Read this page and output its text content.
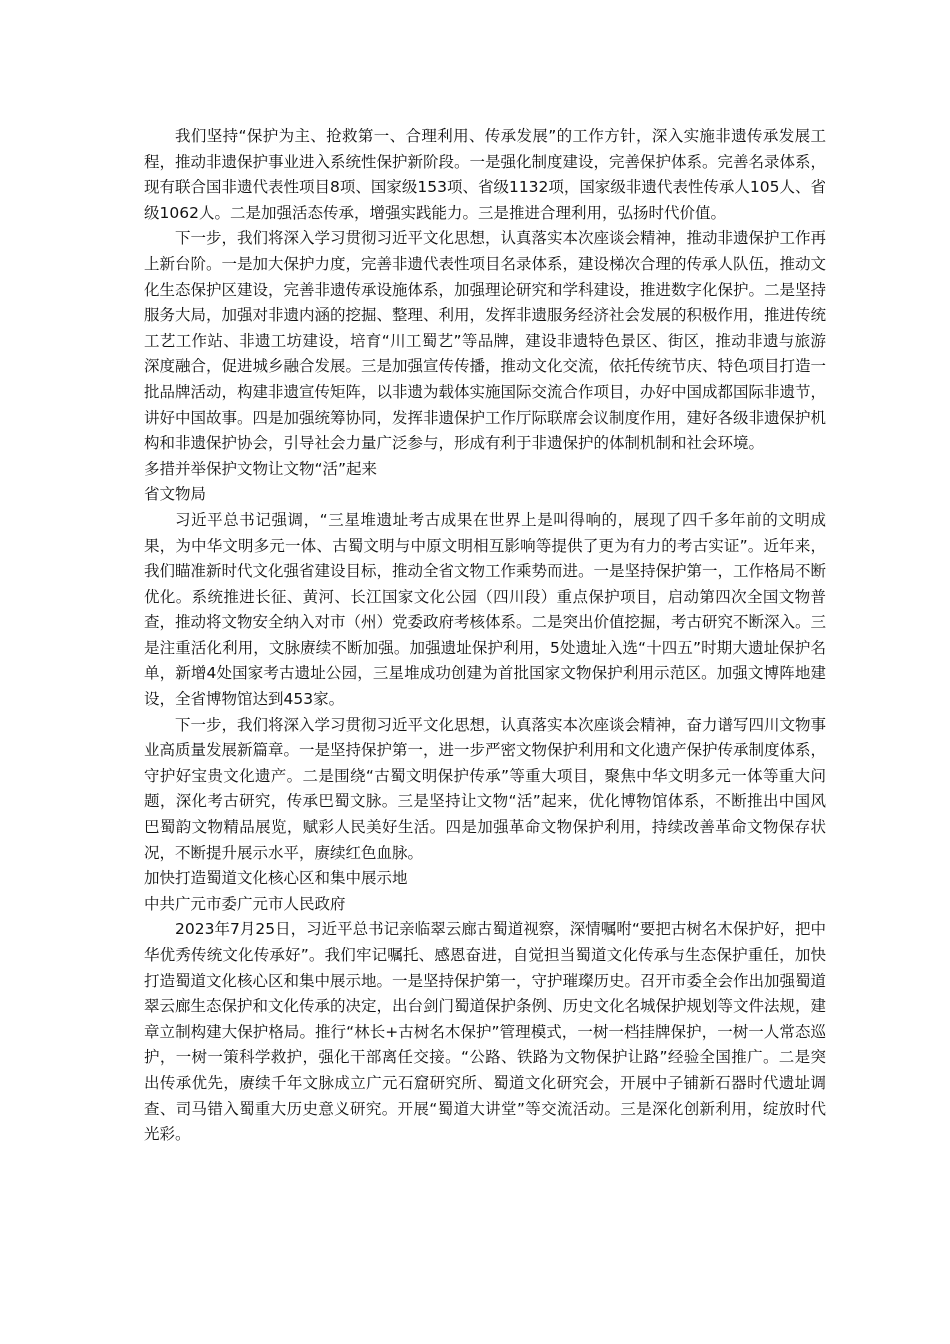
我们坚持“保护为主、抢救第一、合理利用、传承发展”的工作方针，深入实施非遗传承发展工程，推动非遗保护事业进入系统性保护新阶段。一是强化制度建设，完善保护体系。完善名录体系，现有联合国非遗代表性项目8项、国家级153项、省级1132项，国家级非遗代表性传承人105人、省级1062人。二是加强活态传承，增强实践能力。三是推进合理利用，弘扬时代价值。

下一步，我们将深入学习贯彻习近平文化思想，认真落实本次座谈会精神，推动非遗保护工作再上新台阶。一是加大保护力度，完善非遗代表性项目名录体系，建设梯次合理的传承人队伍，推动文化生态保护区建设，完善非遗传承设施体系，加强理论研究和学科建设，推进数字化保护。二是坚持服务大局，加强对非遗内涵的挖掘、整理、利用，发挥非遗服务经济社会发展的积极作用，推进传统工艺工作站、非遗工坊建设，培育“川工蜀艺”等品牌，建设非遗特色景区、街区，推动非遗与旅游深度融合，促进城乡融合发展。三是加强宣传传播，推动文化交流，依托传统节庆、特色项目打造一批品牌活动，构建非遗宣传矩阵，以非遗为载体实施国际交流合作项目，办好中国成都国际非遗节，讲好中国故事。四是加强统筹协同，发挥非遗保护工作厅际联席会议制度作用，建好各级非遗保护机构和非遗保护协会，引导社会力量广泛参与，形成有利于非遗保护的体制机制和社会环境。

多措并举保护文物让文物“活”起来

省文物局

习近平总书记强调，“三星堆遗址考古成果在世界上是叫得响的，展现了四千多年前的文明成果，为中华文明多元一体、古蜀文明与中原文明相互影响等提供了更为有力的考古实证”。近年来，我们瞄准新时代文化强省建设目标，推动全省文物工作乘势而进。一是坚持保护第一，工作格局不断优化。系统推进长征、黄河、长江国家文化公园（四川段）重点保护项目，启动第四次全国文物普查，推动将文物安全纳入对市（州）党委政府考核体系。二是突出价值挖掘，考古研究不断深入。三是注重活化利用，文脉赓续不断加强。加强遗址保护利用，5处遗址入选“十四五”时期大遗址保护名单，新增4处国家考古遗址公园，三星堆成功创建为首批国家文物保护利用示范区。加强文博阵地建设，全省博物馆达到453家。

下一步，我们将深入学习贯彻习近平文化思想，认真落实本次座谈会精神，奋力谱写四川文物事业高质量发展新篇章。一是坚持保护第一，进一步严密文物保护利用和文化遗产保护传承制度体系，守护好宝贵文化遗产。二是围绕“古蜀文明保护传承”等重大项目，聚焦中华文明多元一体等重大问题，深化考古研究，传承巴蜀文脉。三是坚持让文物“活”起来，优化博物馆体系，不断推出中国风巴蜀韵文物精品展览，赋彩人民美好生活。四是加强革命文物保护利用，持续改善革命文物保存状况，不断提升展示水平，赓续红色血脉。

加快打造蜀道文化核心区和集中展示地

中共广元市委广元市人民政府

2023年7月25日，习近平总书记亲临翠云廊古蜀道视察，深情嘱咐“要把古树名木保护好，把中华优秀传统文化传承好”。我们牢记嘱托、感恩奋进，自觉担当蜀道文化传承与生态保护重任，加快打造蜀道文化核心区和集中展示地。一是坚持保护第一，守护璀璨历史。召开市委全会作出加强蜀道翠云廊生态保护和文化传承的决定，出台剑门蜀道保护条例、历史文化名城保护规划等文件法规，建章立制构建大保护格局。推行“林长+古树名木保护”管理模式，一树一档挂牌保护，一树一人常态巡护，一树一策科学救护，强化干部离任交接。“公路、铁路为文物保护让路”经验全国推广。二是突出传承优先，赓续千年文脉成立广元石窟研究所、蜀道文化研究会，开展中子铺新石器时代遗址调查、司马错入蜀重大历史意义研究。开展“蜀道大讲堂”等交流活动。三是深化创新利用，绽放时代光彩。
